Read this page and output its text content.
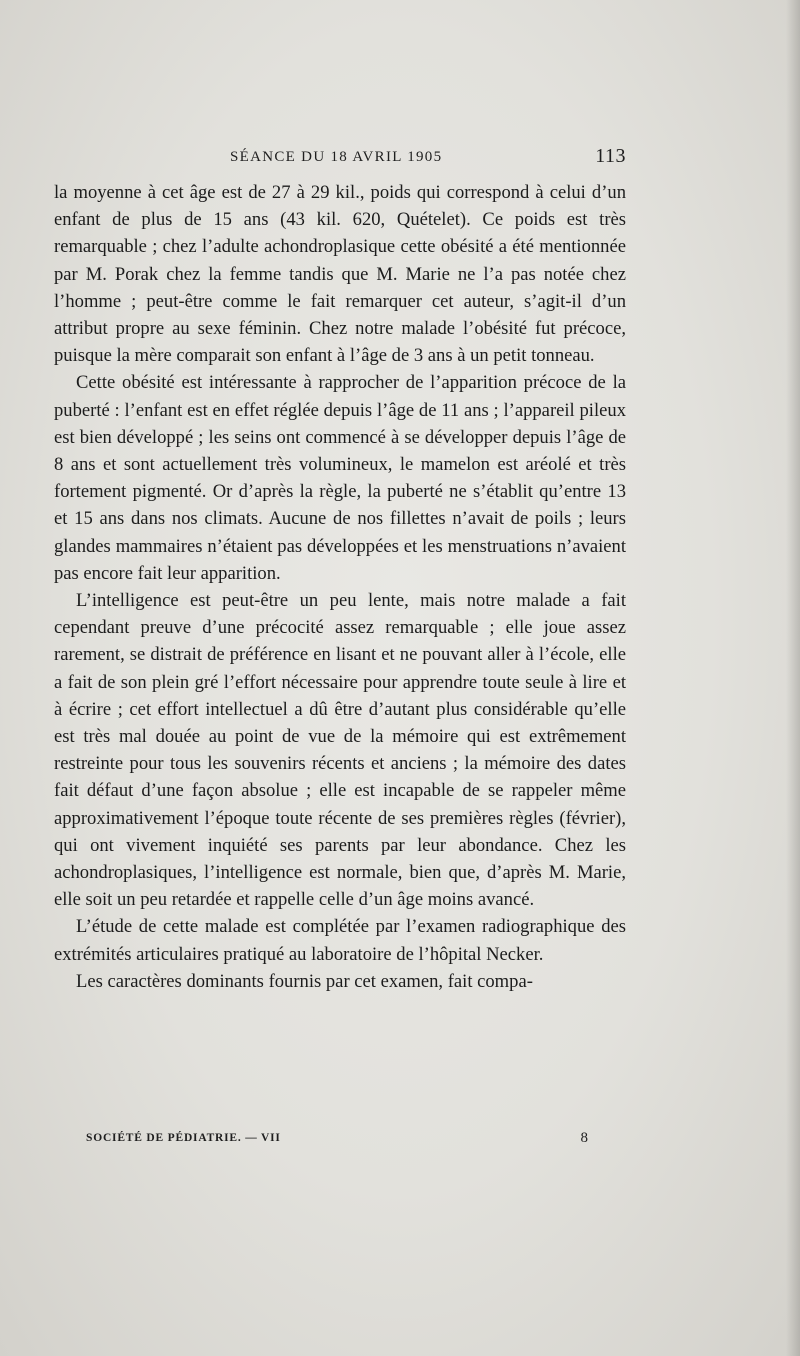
SÉANCE DU 18 AVRIL 1905	113

la moyenne à cet âge est de 27 à 29 kil., poids qui correspond à celui d’un enfant de plus de 15 ans (43 kil. 620, Quételet). Ce poids est très remarquable ; chez l’adulte achondroplasique cette obésité a été mentionnée par M. Porak chez la femme tandis que M. Marie ne l’a pas notée chez l’homme ; peut-être comme le fait remarquer cet auteur, s’agit-il d’un attribut propre au sexe féminin. Chez notre malade l’obésité fut précoce, puisque la mère comparait son enfant à l’âge de 3 ans à un petit tonneau.

Cette obésité est intéressante à rapprocher de l’apparition précoce de la puberté : l’enfant est en effet réglée depuis l’âge de 11 ans ; l’appareil pileux est bien développé ; les seins ont commencé à se développer depuis l’âge de 8 ans et sont actuellement très volumineux, le mamelon est aréolé et très fortement pigmenté. Or d’après la règle, la puberté ne s’établit qu’entre 13 et 15 ans dans nos climats. Aucune de nos fillettes n’avait de poils ; leurs glandes mammaires n’étaient pas développées et les menstruations n’avaient pas encore fait leur apparition.

L’intelligence est peut-être un peu lente, mais notre malade a fait cependant preuve d’une précocité assez remarquable ; elle joue assez rarement, se distrait de préférence en lisant et ne pouvant aller à l’école, elle a fait de son plein gré l’effort nécessaire pour apprendre toute seule à lire et à écrire ; cet effort intellectuel a dû être d’autant plus considérable qu’elle est très mal douée au point de vue de la mémoire qui est extrêmement restreinte pour tous les souvenirs récents et anciens ; la mémoire des dates fait défaut d’une façon absolue ; elle est incapable de se rappeler même approximativement l’époque toute récente de ses premières règles (février), qui ont vivement inquiété ses parents par leur abondance. Chez les achondroplasiques, l’intelligence est normale, bien que, d’après M. Marie, elle soit un peu retardée et rappelle celle d’un âge moins avancé.

L’étude de cette malade est complétée par l’examen radiographique des extrémités articulaires pratiqué au laboratoire de l’hôpital Necker.

Les caractères dominants fournis par cet examen, fait compa-

SOCIÉTÉ DE PÉDIATRIE. — VII	8
